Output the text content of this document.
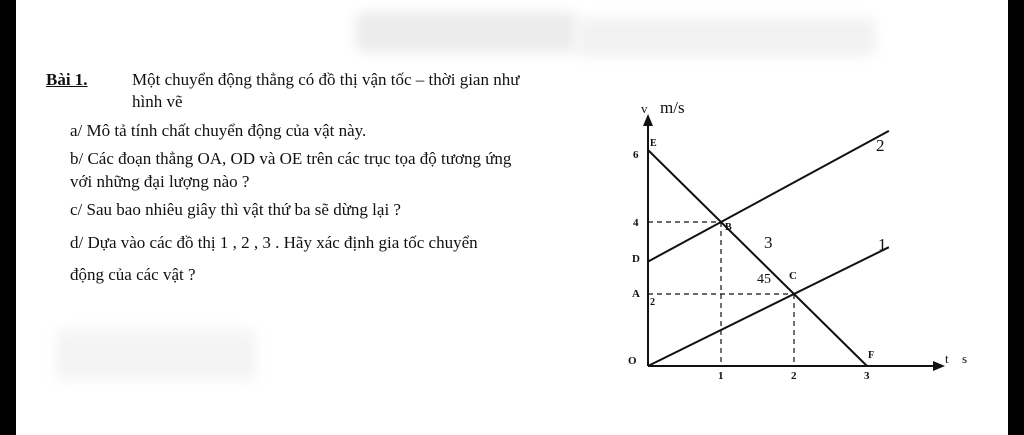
Bài 1.	Một chuyển động thẳng có đồ thị vận tốc – thời gian như
hình vẽ
a/ Mô tả tính chất chuyển động của vật này.
b/ Các đoạn thẳng OA, OD và OE trên các trục tọa độ tương ứng
với những đại lượng nào ?
c/ Sau bao nhiêu giây thì vật thứ ba sẽ dừng lại ?
d/ Dựa vào các đồ thị 1 , 2 , 3 . Hãy xác định gia tốc chuyển
động của các vật ?
v m/s
t s
O
6
4
1	2	3
E
D
A
2
B
C
45
F
1
2
3
